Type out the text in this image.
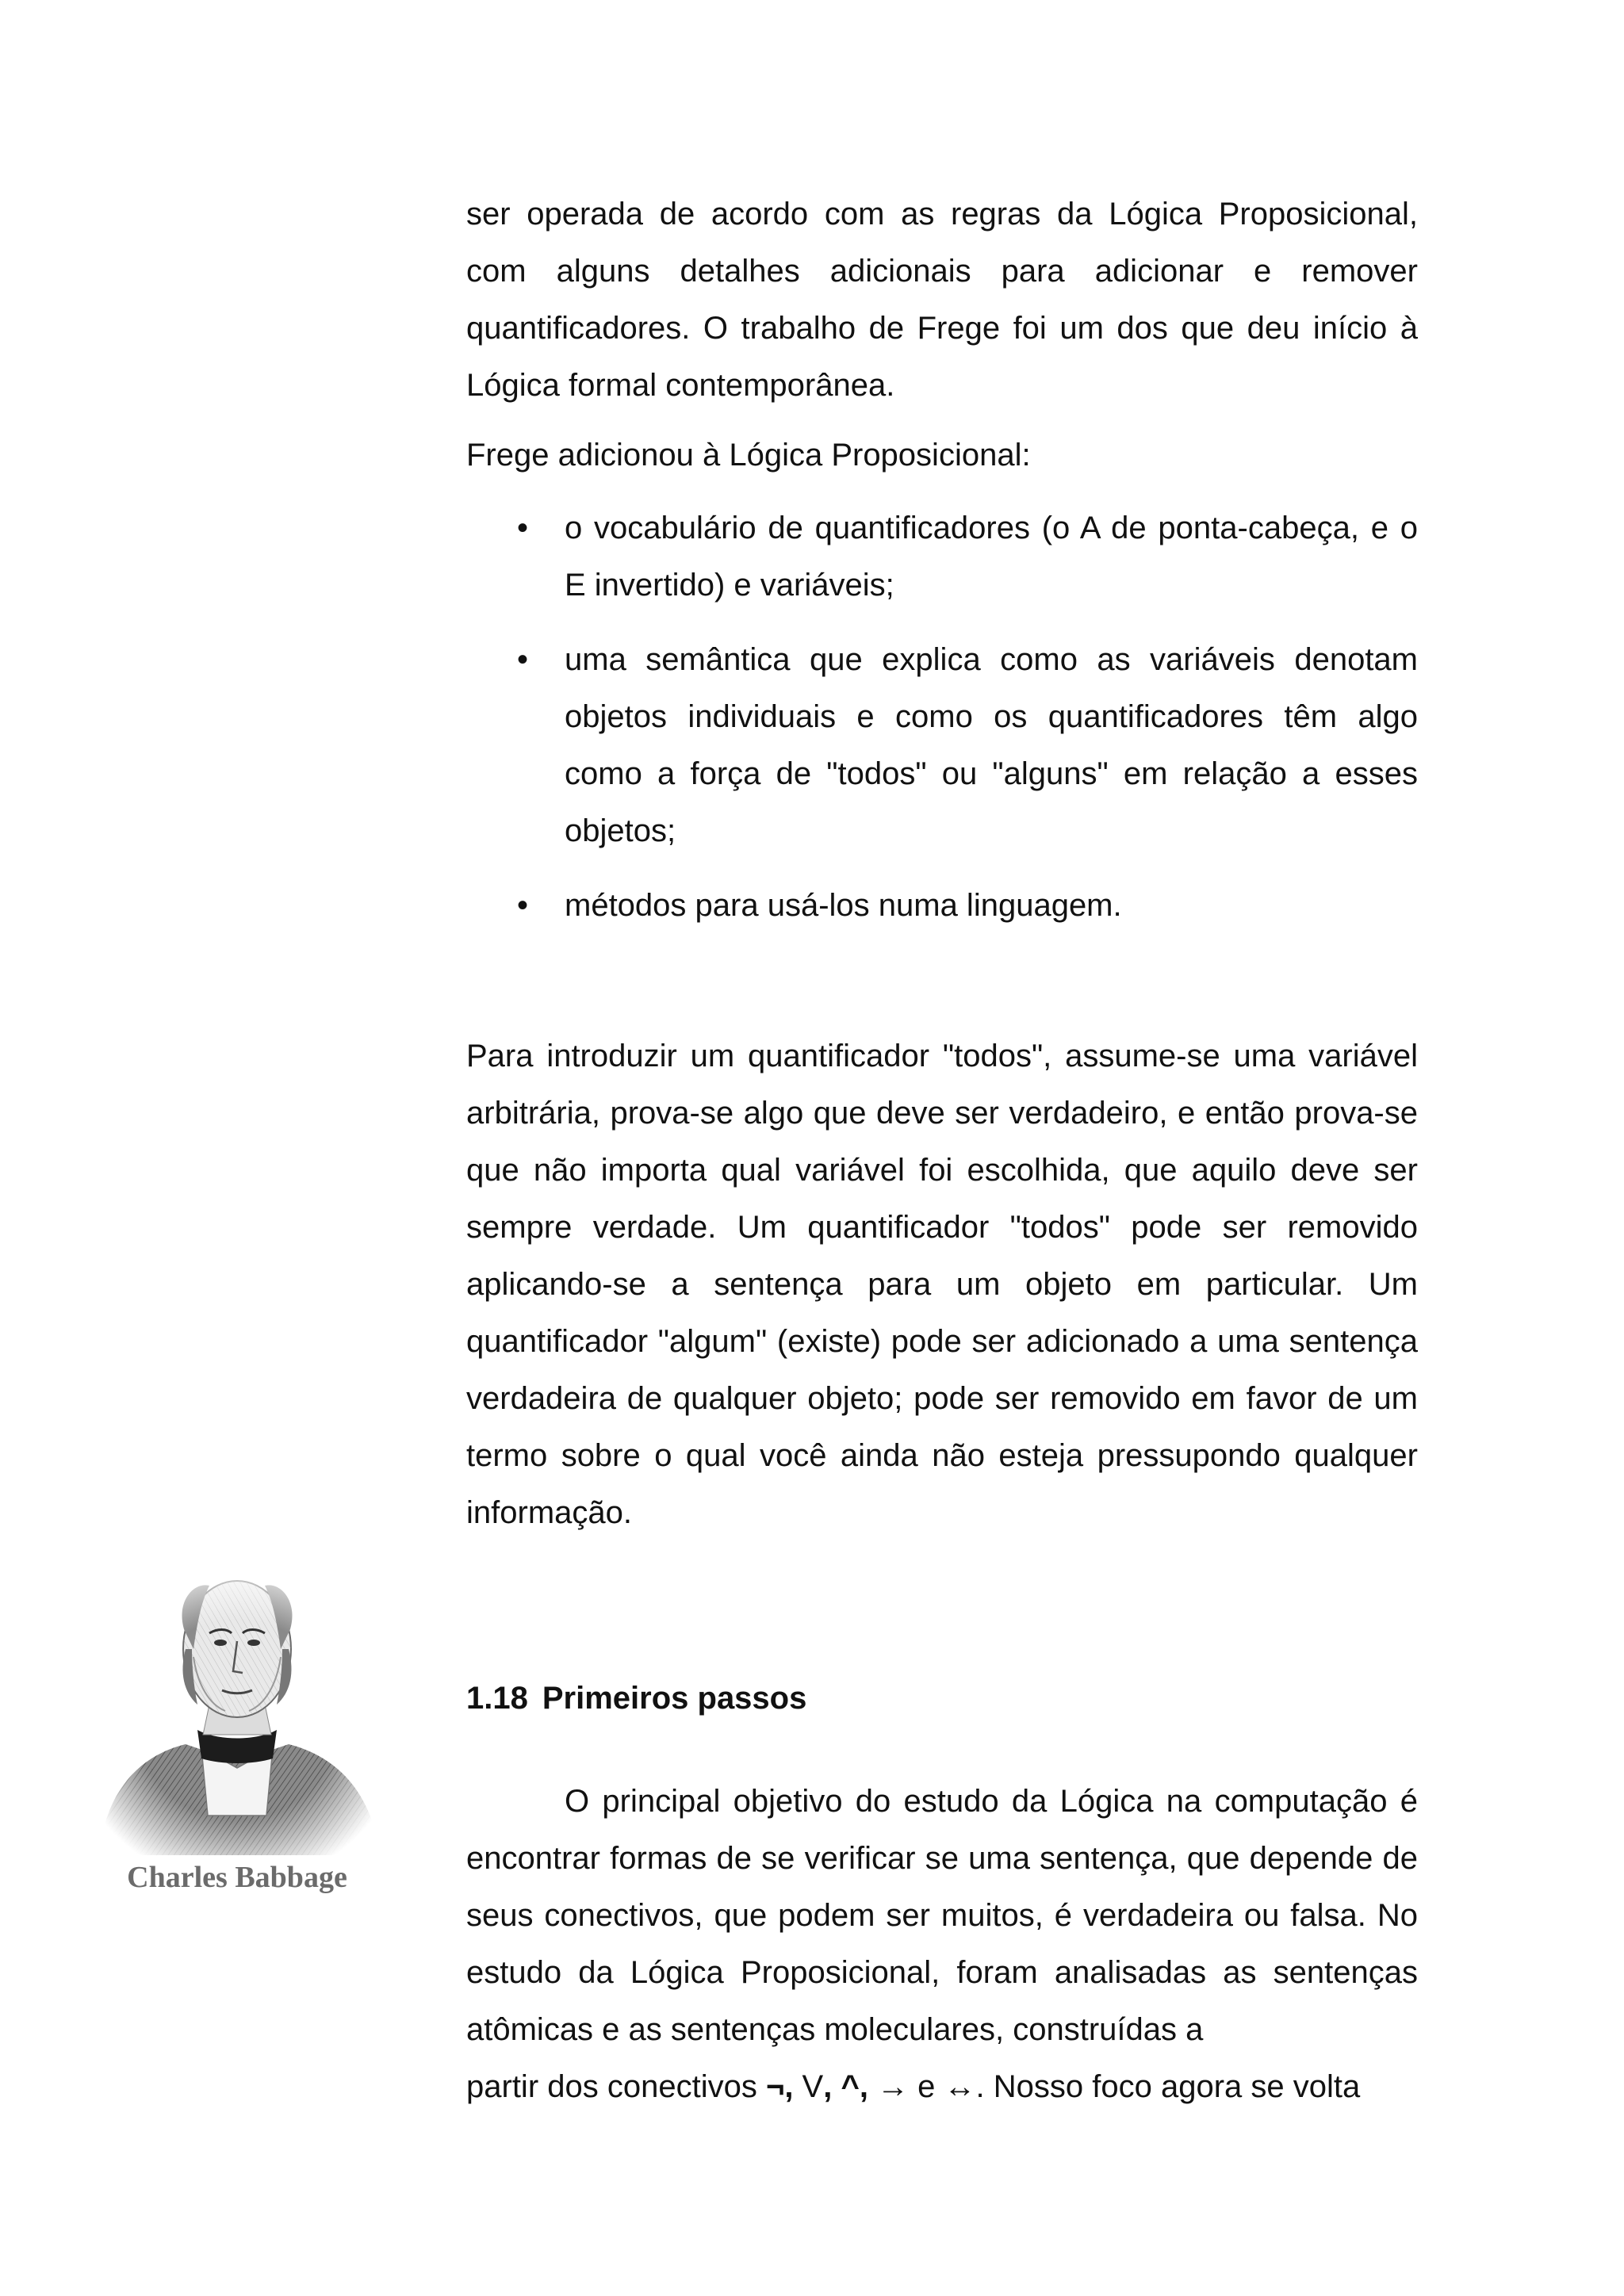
ser operada de acordo com as regras da Lógica Proposicional, com alguns detalhes adicionais para adicionar e remover quantificadores. O trabalho de Frege foi um dos que deu início à Lógica formal contemporânea.

Frege adicionou à Lógica Proposicional:

• o vocabulário de quantificadores (o A de ponta-cabeça, e o E invertido) e variáveis;
• uma semântica que explica como as variáveis denotam objetos individuais e como os quantificadores têm algo como a força de "todos" ou "alguns" em relação a esses objetos;
• métodos para usá-los numa linguagem.

Para introduzir um quantificador "todos", assume-se uma variável arbitrária, prova-se algo que deve ser verdadeiro, e então prova-se que não importa qual variável foi escolhida, que aquilo deve ser sempre verdade. Um quantificador "todos" pode ser removido aplicando-se a sentença para um objeto em particular. Um quantificador "algum" (existe) pode ser adicionado a uma sentença verdadeira de qualquer objeto; pode ser removido em favor de um termo sobre o qual você ainda não esteja pressupondo qualquer informação.

Charles Babbage
1.18 Primeiros passos

O principal objetivo do estudo da Lógica na computação é encontrar formas de se verificar se uma sentença, que depende de seus conectivos, que podem ser muitos, é verdadeira ou falsa. No estudo da Lógica Proposicional, foram analisadas as sentenças atômicas e as sentenças moleculares, construídas a

partir dos conectivos ¬, V, ^, → e ↔. Nosso foco agora se volta
